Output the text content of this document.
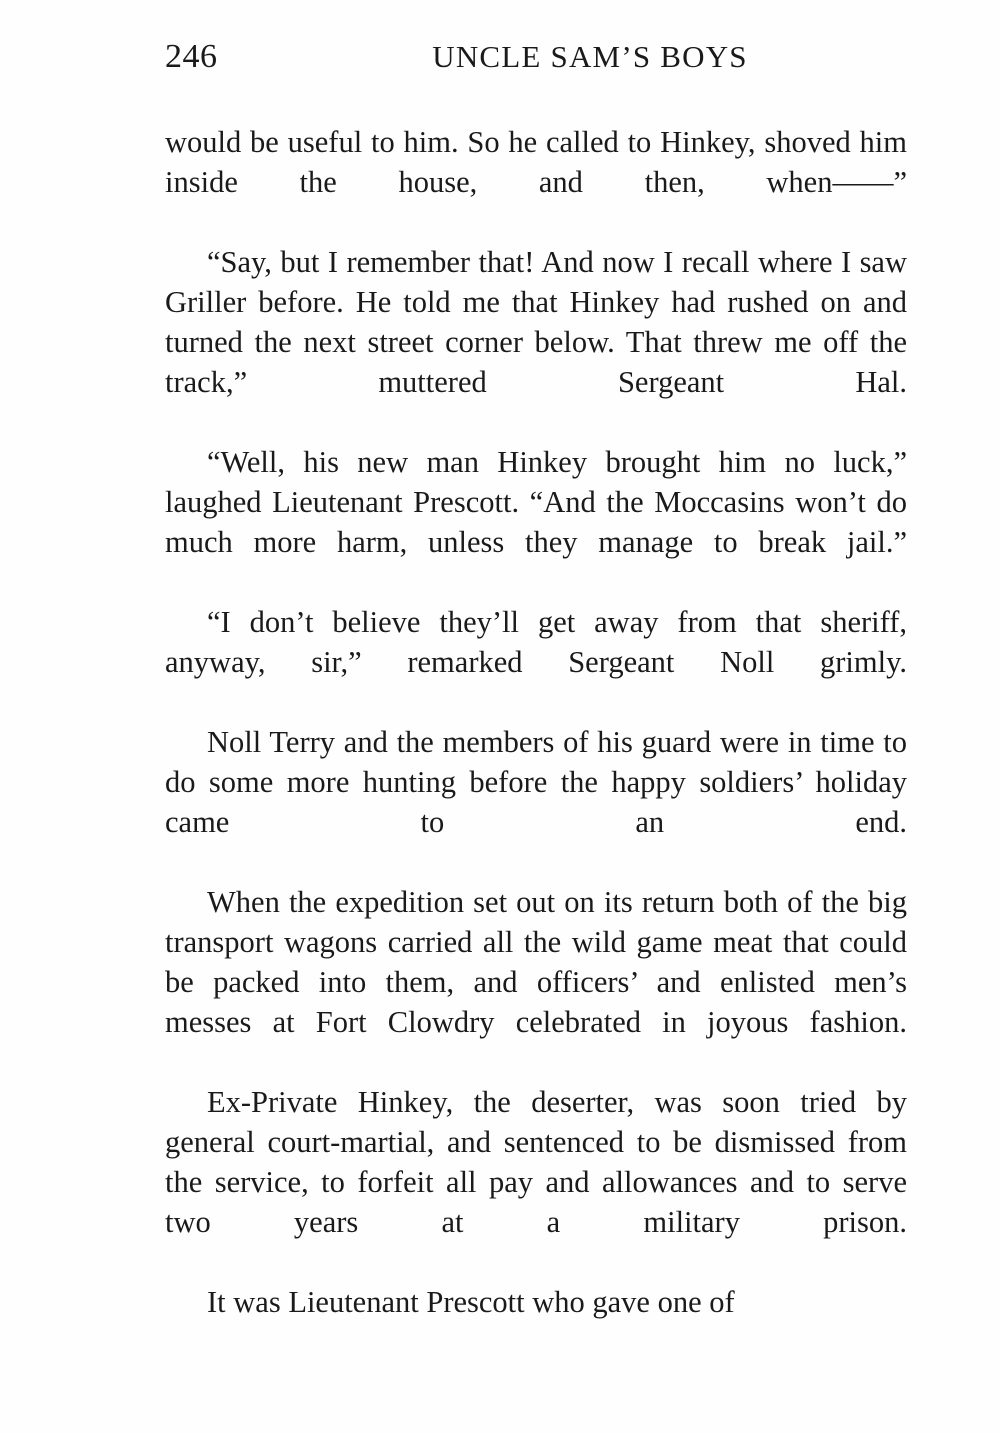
246	UNCLE SAM’S BOYS

would be useful to him. So he called to Hinkey, shoved him inside the house, and then, when——”

“Say, but I remember that! And now I recall where I saw Griller before. He told me that Hinkey had rushed on and turned the next street corner below. That threw me off the track,” muttered Sergeant Hal.

“Well, his new man Hinkey brought him no luck,” laughed Lieutenant Prescott. “And the Moccasins won’t do much more harm, unless they manage to break jail.”

“I don’t believe they’ll get away from that sheriff, anyway, sir,” remarked Sergeant Noll grimly.

Noll Terry and the members of his guard were in time to do some more hunting before the happy soldiers’ holiday came to an end.

When the expedition set out on its return both of the big transport wagons carried all the wild game meat that could be packed into them, and officers’ and enlisted men’s messes at Fort Clowdry celebrated in joyous fashion.

Ex-Private Hinkey, the deserter, was soon tried by general court-martial, and sentenced to be dismissed from the service, to forfeit all pay and allowances and to serve two years at a military prison.

It was Lieutenant Prescott who gave one of
